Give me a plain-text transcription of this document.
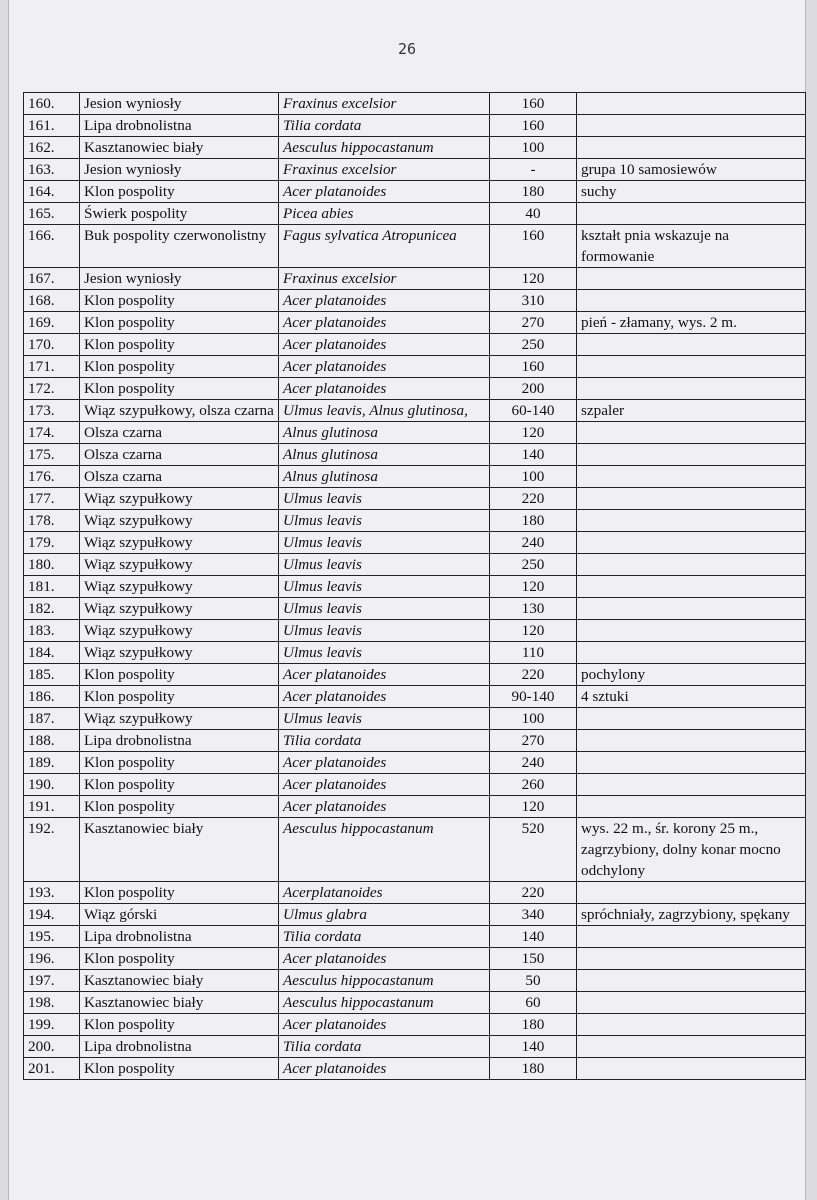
26
160.	Jesion wyniosły	Fraxinus excelsior	160	
161.	Lipa drobnolistna	Tilia cordata	160	
162.	Kasztanowiec biały	Aesculus hippocastanum	100	
163.	Jesion wyniosły	Fraxinus excelsior	-	grupa 10 samosiewów
164.	Klon pospolity	Acer platanoides	180	suchy
165.	Świerk pospolity	Picea abies	40	
166.	Buk pospolity czerwonolistny	Fagus sylvatica Atropunicea	160	kształt pnia wskazuje na formowanie
167.	Jesion wyniosły	Fraxinus excelsior	120	
168.	Klon pospolity	Acer platanoides	310	
169.	Klon pospolity	Acer platanoides	270	pień - złamany, wys. 2 m.
170.	Klon pospolity	Acer platanoides	250	
171.	Klon pospolity	Acer platanoides	160	
172.	Klon pospolity	Acer platanoides	200	
173.	Wiąz szypułkowy, olsza czarna	Ulmus leavis, Alnus glutinosa,	60-140	szpaler
174.	Olsza czarna	Alnus glutinosa	120	
175.	Olsza czarna	Alnus glutinosa	140	
176.	Olsza czarna	Alnus glutinosa	100	
177.	Wiąz szypułkowy	Ulmus leavis	220	
178.	Wiąz szypułkowy	Ulmus leavis	180	
179.	Wiąz szypułkowy	Ulmus leavis	240	
180.	Wiąz szypułkowy	Ulmus leavis	250	
181.	Wiąz szypułkowy	Ulmus leavis	120	
182.	Wiąz szypułkowy	Ulmus leavis	130	
183.	Wiąz szypułkowy	Ulmus leavis	120	
184.	Wiąz szypułkowy	Ulmus leavis	110	
185.	Klon pospolity	Acer platanoides	220	pochylony
186.	Klon pospolity	Acer platanoides	90-140	4 sztuki
187.	Wiąz szypułkowy	Ulmus leavis	100	
188.	Lipa drobnolistna	Tilia cordata	270	
189.	Klon pospolity	Acer platanoides	240	
190.	Klon pospolity	Acer platanoides	260	
191.	Klon pospolity	Acer platanoides	120	
192.	Kasztanowiec biały	Aesculus hippocastanum	520	wys. 22 m., śr. korony 25 m., zagrzybiony, dolny konar mocno odchylony
193.	Klon pospolity	Acerplatanoides	220	
194.	Wiąz górski	Ulmus glabra	340	spróchniały, zagrzybiony, spękany
195.	Lipa drobnolistna	Tilia cordata	140	
196.	Klon pospolity	Acer platanoides	150	
197.	Kasztanowiec biały	Aesculus hippocastanum	50	
198.	Kasztanowiec biały	Aesculus hippocastanum	60	
199.	Klon pospolity	Acer platanoides	180	
200.	Lipa drobnolistna	Tilia cordata	140	
201.	Klon pospolity	Acer platanoides	180	
